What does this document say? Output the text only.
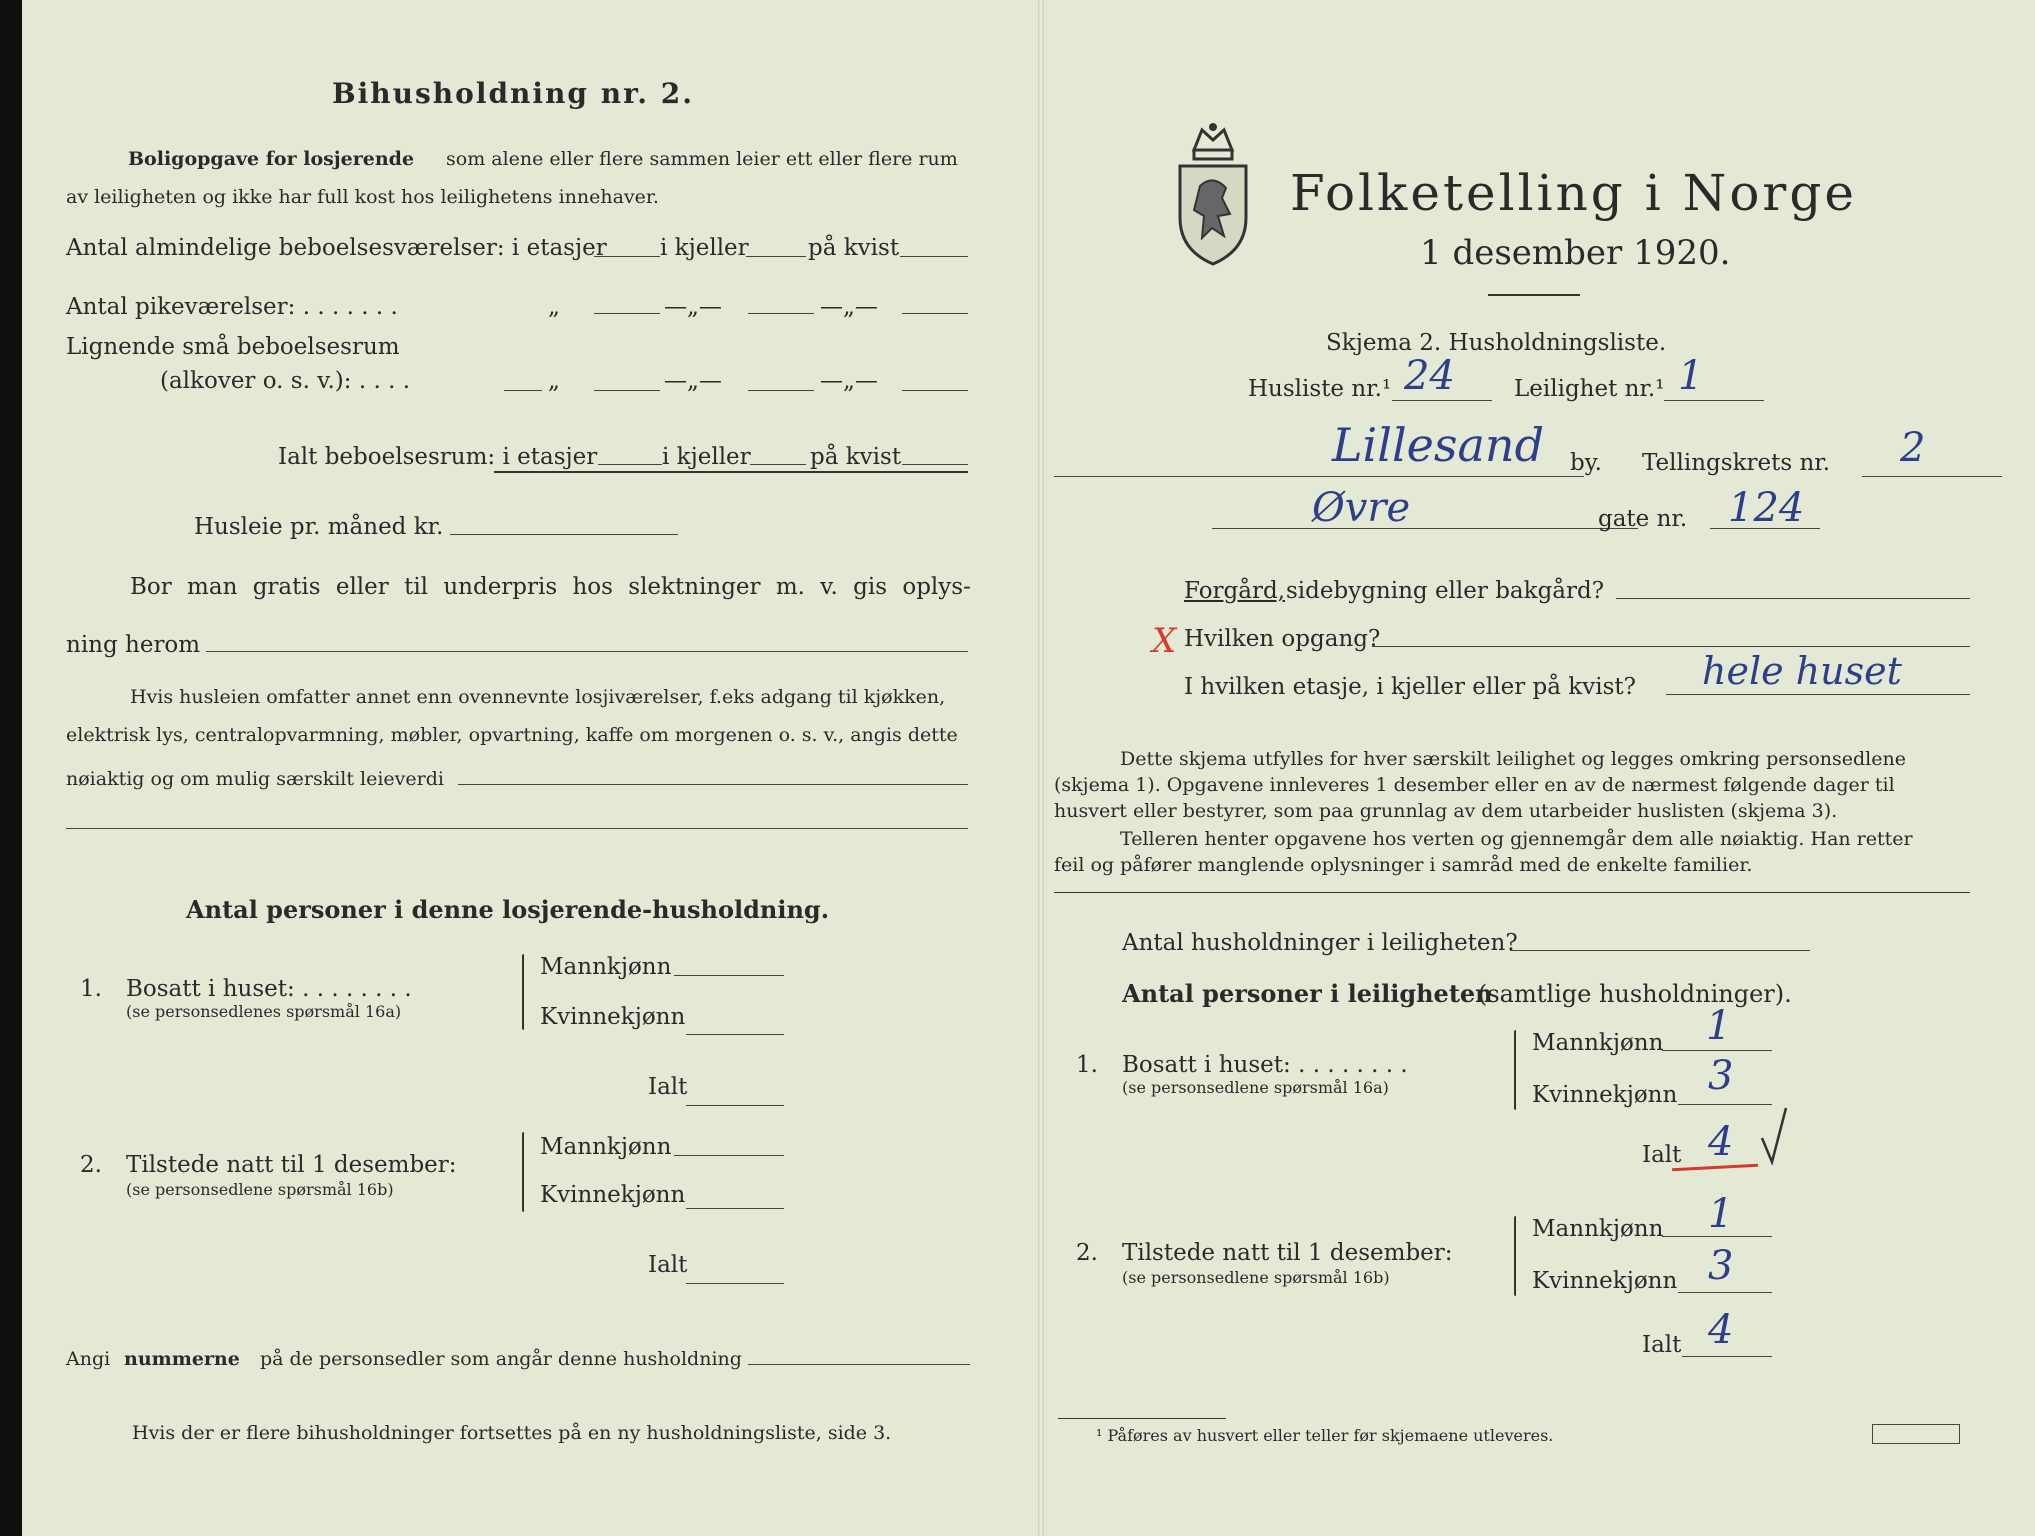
Bihusholdning nr. 2.
Boligopgave for losjerende som alene eller flere sammen leier ett eller flere rum
av leiligheten og ikke har full kost hos leilighetens innehaver.
Antal almindelige beboelsesværelser: i etasjer i kjeller	på kvist
Antal pikeværelser: . . . . . . .	„	—„—	—„—
Lignende små beboelsesrum
(alkover o. s. v.): . . . .	„	—„—	—„—
Ialt beboelsesrum: i etasjer	i kjeller	på kvist
Husleie pr. måned kr.
Bor man gratis eller til underpris hos slektninger m. v. gis oplys-
ning herom
Hvis husleien omfatter annet enn ovennevnte losjiværelser, f.eks adgang til kjøkken,
elektrisk lys, centralopvarmning, møbler, opvartning, kaffe om morgenen o. s. v., angis dette
nøiaktig og om mulig særskilt leieverdi
Antal personer i denne losjerende-husholdning.
1. Bosatt i huset: . . . . . . . .
(se personsedlenes spørsmål 16a)
Mannkjønn
Kvinnekjønn
Ialt
2. Tilstede natt til 1 desember:
(se personsedlene spørsmål 16b)
Mannkjønn
Kvinnekjønn
Ialt
Angi nummerne på de personsedler som angår denne husholdning
Hvis der er flere bihusholdninger fortsettes på en ny husholdningsliste, side 3.
Folketelling i Norge
1 desember 1920.
Skjema 2. Husholdningsliste.
Husliste nr.¹ 24	Leilighet nr.¹ 1
Lillesand by. Tellingskrets nr. 2
Øvre	gate nr. 124
Forgård, sidebygning eller bakgård?
X Hvilken opgang?
I hvilken etasje, i kjeller eller på kvist? hele huset
Dette skjema utfylles for hver særskilt leilighet og legges omkring personsedlene
(skjema 1). Opgavene innleveres 1 desember eller en av de nærmest følgende dager til
husvert eller bestyrer, som paa grunnlag av dem utarbeider huslisten (skjema 3).
Telleren henter opgavene hos verten og gjennemgår dem alle nøiaktig. Han retter
feil og påfører manglende oplysninger i samråd med de enkelte familier.
Antal husholdninger i leiligheten?
Antal personer i leiligheten
(samtlige husholdninger).
1. Bosatt i huset: . . . . . . . .
(se personsedlene spørsmål 16a)
Mannkjønn 1
Kvinnekjønn 3
Ialt 4
2. Tilstede natt til 1 desember:
(se personsedlene spørsmål 16b)
Mannkjønn 1
Kvinnekjønn 3
Ialt 4
¹ Påføres av husvert eller teller før skjemaene utleveres.
